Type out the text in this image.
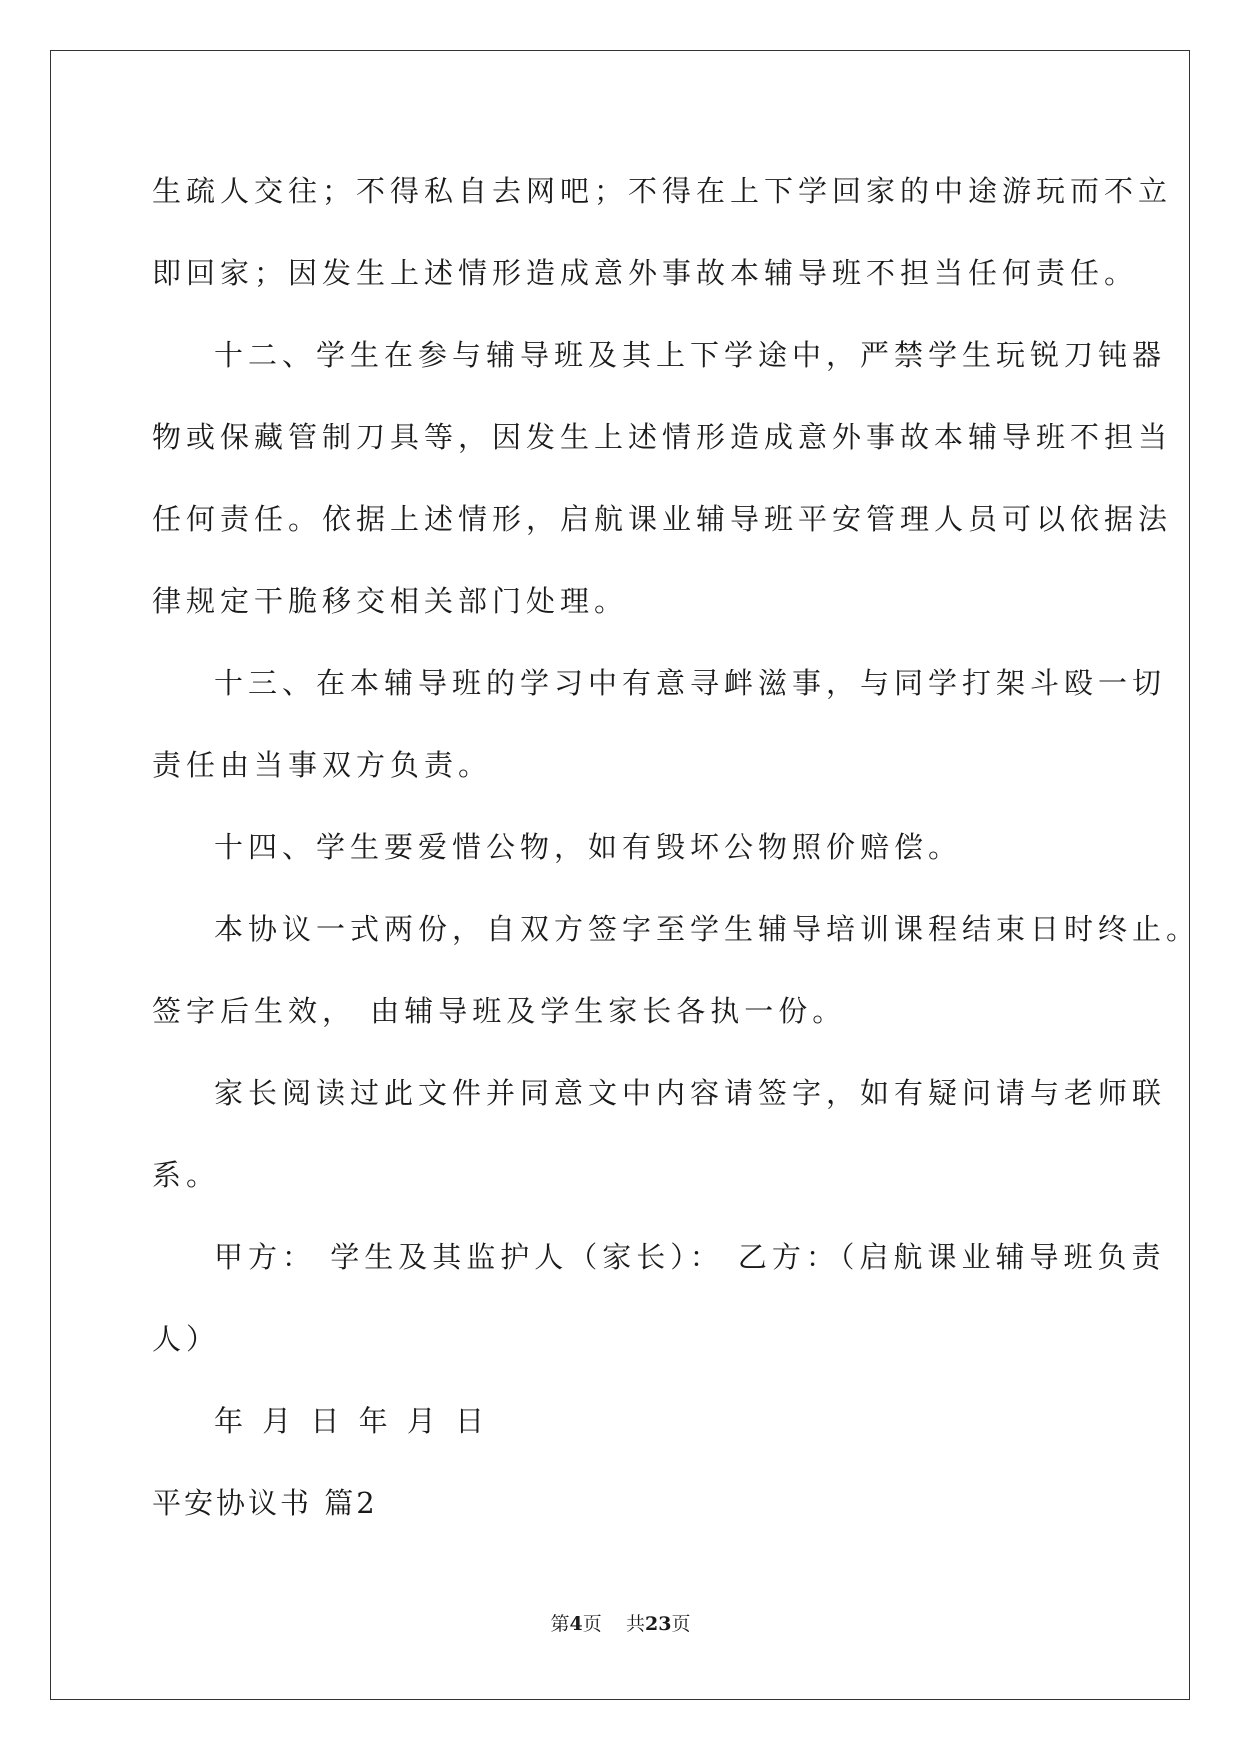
生疏人交往；不得私自去网吧；不得在上下学回家的中途游玩而不立
即回家；因发生上述情形造成意外事故本辅导班不担当任何责任。
十二、学生在参与辅导班及其上下学途中，严禁学生玩锐刀钝器
物或保藏管制刀具等，因发生上述情形造成意外事故本辅导班不担当
任何责任。依据上述情形，启航课业辅导班平安管理人员可以依据法
律规定干脆移交相关部门处理。
十三、在本辅导班的学习中有意寻衅滋事，与同学打架斗殴一切
责任由当事双方负责。
十四、学生要爱惜公物，如有毁坏公物照价赔偿。
本协议一式两份，自双方签字至学生辅导培训课程结束日时终止。
签字后生效， 由辅导班及学生家长各执一份。
家长阅读过此文件并同意文中内容请签字，如有疑问请与老师联
系。
甲方： 学生及其监护人（家长）： 乙方：（启航课业辅导班负责
人）
年 月 日 年 月 日
平安协议书 篇2
第4页 共23页
